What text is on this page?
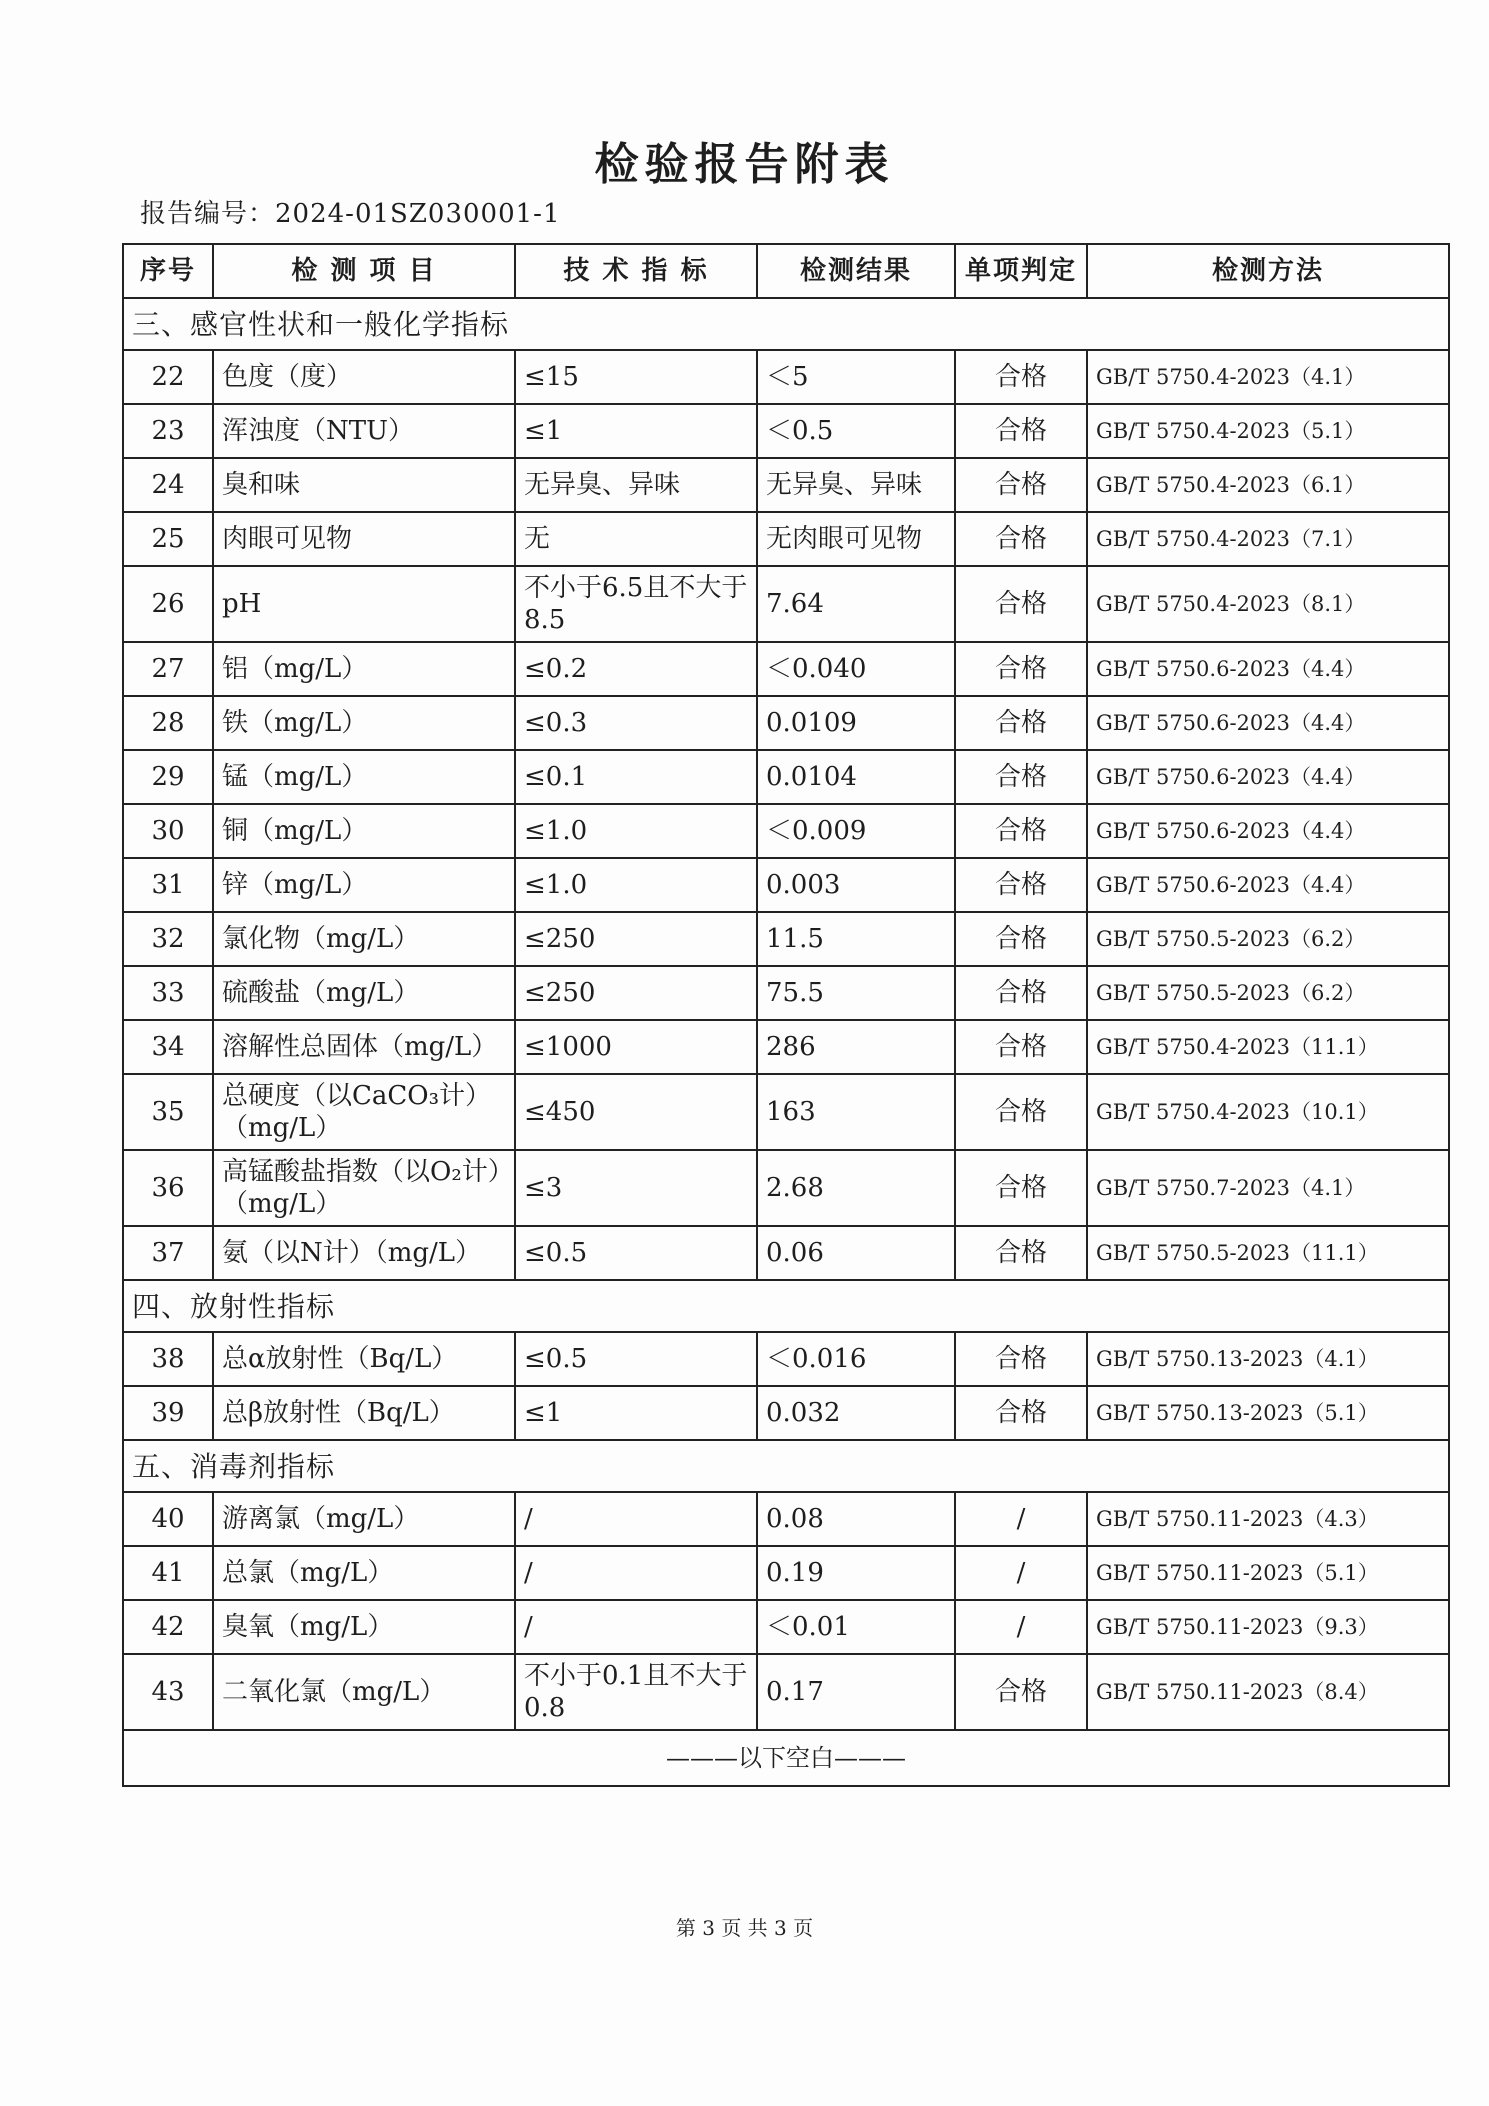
检验报告附表
报告编号：2024-01SZ030001-1
序号	检 测 项 目	技 术 指 标	检测结果	单项判定	检测方法
三、感官性状和一般化学指标					
22	色度（度）	≤15	＜5	合格	GB/T 5750.4-2023（4.1）
23	浑浊度（NTU）	≤1	＜0.5	合格	GB/T 5750.4-2023（5.1）
24	臭和味	无异臭、异味	无异臭、异味	合格	GB/T 5750.4-2023（6.1）
25	肉眼可见物	无	无肉眼可见物	合格	GB/T 5750.4-2023（7.1）
26	pH	不小于6.5且不大于8.5	7.64	合格	GB/T 5750.4-2023（8.1）
27	铝（mg/L）	≤0.2	＜0.040	合格	GB/T 5750.6-2023（4.4）
28	铁（mg/L）	≤0.3	0.0109	合格	GB/T 5750.6-2023（4.4）
29	锰（mg/L）	≤0.1	0.0104	合格	GB/T 5750.6-2023（4.4）
30	铜（mg/L）	≤1.0	＜0.009	合格	GB/T 5750.6-2023（4.4）
31	锌（mg/L）	≤1.0	0.003	合格	GB/T 5750.6-2023（4.4）
32	氯化物（mg/L）	≤250	11.5	合格	GB/T 5750.5-2023（6.2）
33	硫酸盐（mg/L）	≤250	75.5	合格	GB/T 5750.5-2023（6.2）
34	溶解性总固体（mg/L）	≤1000	286	合格	GB/T 5750.4-2023（11.1）
35	总硬度（以CaCO₃计）（mg/L）	≤450	163	合格	GB/T 5750.4-2023（10.1）
36	高锰酸盐指数（以O₂计）（mg/L）	≤3	2.68	合格	GB/T 5750.7-2023（4.1）
37	氨（以N计）（mg/L）	≤0.5	0.06	合格	GB/T 5750.5-2023（11.1）
四、放射性指标					
38	总α放射性（Bq/L）	≤0.5	＜0.016	合格	GB/T 5750.13-2023（4.1）
39	总β放射性（Bq/L）	≤1	0.032	合格	GB/T 5750.13-2023（5.1）
五、消毒剂指标					
40	游离氯（mg/L）	/	0.08	/	GB/T 5750.11-2023（4.3）
41	总氯（mg/L）	/	0.19	/	GB/T 5750.11-2023（5.1）
42	臭氧（mg/L）	/	＜0.01	/	GB/T 5750.11-2023（9.3）
43	二氧化氯（mg/L）	不小于0.1且不大于0.8	0.17	合格	GB/T 5750.11-2023（8.4）
———以下空白———					
第 3 页 共 3 页
